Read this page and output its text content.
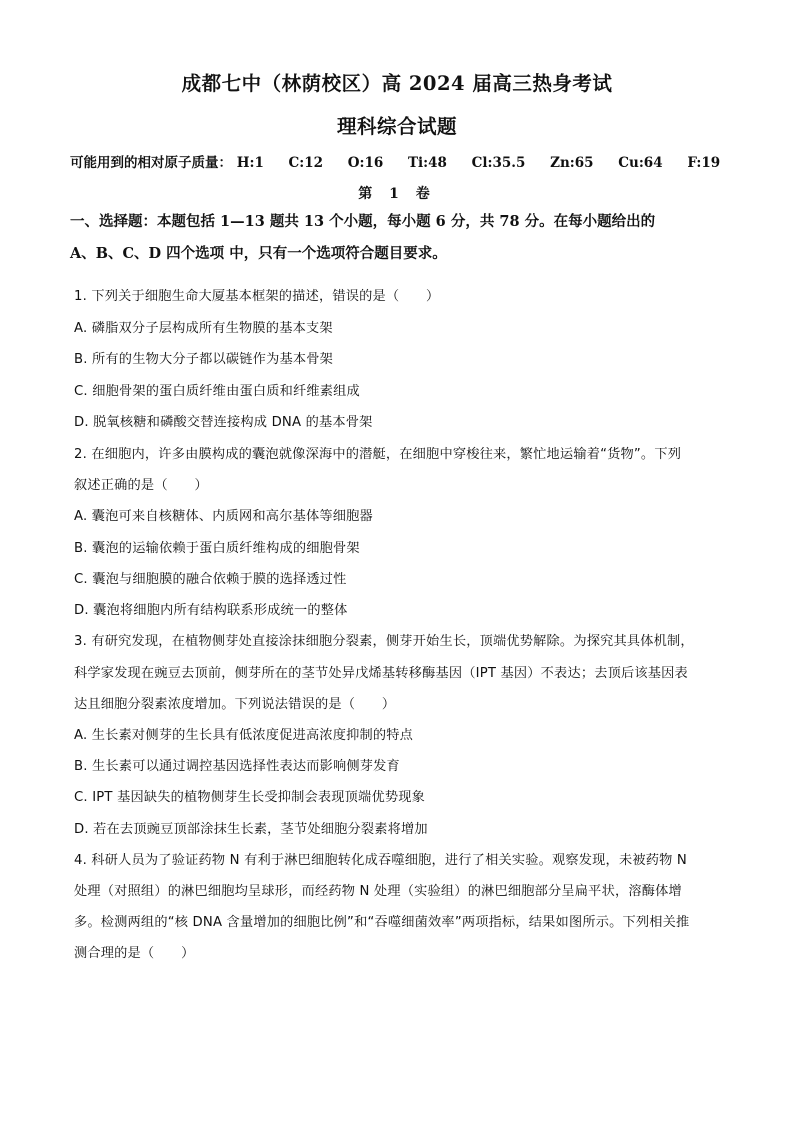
成都七中（林荫校区）高 2024 届高三热身考试
理科综合试题
可能用到的相对原子质量： H:1 C:12 O:16 Ti:48 Cl:35.5 Zn:65 Cu:64 F:19
第 1 卷
一、选择题：本题包括 1—13 题共 13 个小题，每小题 6 分，共 78 分。在每小题给出的
A、B、C、D 四个选项 中，只有一个选项符合题目要求。
1. 下列关于细胞生命大厦基本框架的描述，错误的是（　　）
A. 磷脂双分子层构成所有生物膜的基本支架
B. 所有的生物大分子都以碳链作为基本骨架
C. 细胞骨架的蛋白质纤维由蛋白质和纤维素组成
D. 脱氧核糖和磷酸交替连接构成 DNA 的基本骨架
2. 在细胞内，许多由膜构成的囊泡就像深海中的潜艇，在细胞中穿梭往来，繁忙地运输着“货物”。下列
叙述正确的是（　　）
A. 囊泡可来自核糖体、内质网和高尔基体等细胞器
B. 囊泡的运输依赖于蛋白质纤维构成的细胞骨架
C. 囊泡与细胞膜的融合依赖于膜的选择透过性
D. 囊泡将细胞内所有结构联系形成统一的整体
3. 有研究发现，在植物侧芽处直接涂抹细胞分裂素，侧芽开始生长，顶端优势解除。为探究其具体机制，
科学家发现在豌豆去顶前，侧芽所在的茎节处异戊烯基转移酶基因（IPT 基因）不表达；去顶后该基因表
达且细胞分裂素浓度增加。下列说法错误的是（　　）
A. 生长素对侧芽的生长具有低浓度促进高浓度抑制的特点
B. 生长素可以通过调控基因选择性表达而影响侧芽发育
C. IPT 基因缺失的植物侧芽生长受抑制会表现顶端优势现象
D. 若在去顶豌豆顶部涂抹生长素，茎节处细胞分裂素将增加
4. 科研人员为了验证药物 N 有利于淋巴细胞转化成吞噬细胞，进行了相关实验。观察发现，未被药物 N
处理（对照组）的淋巴细胞均呈球形，而经药物 N 处理（实验组）的淋巴细胞部分呈扁平状，溶酶体增
多。检测两组的“核 DNA 含量增加的细胞比例”和“吞噬细菌效率”两项指标，结果如图所示。下列相关推
测合理的是（　　）
